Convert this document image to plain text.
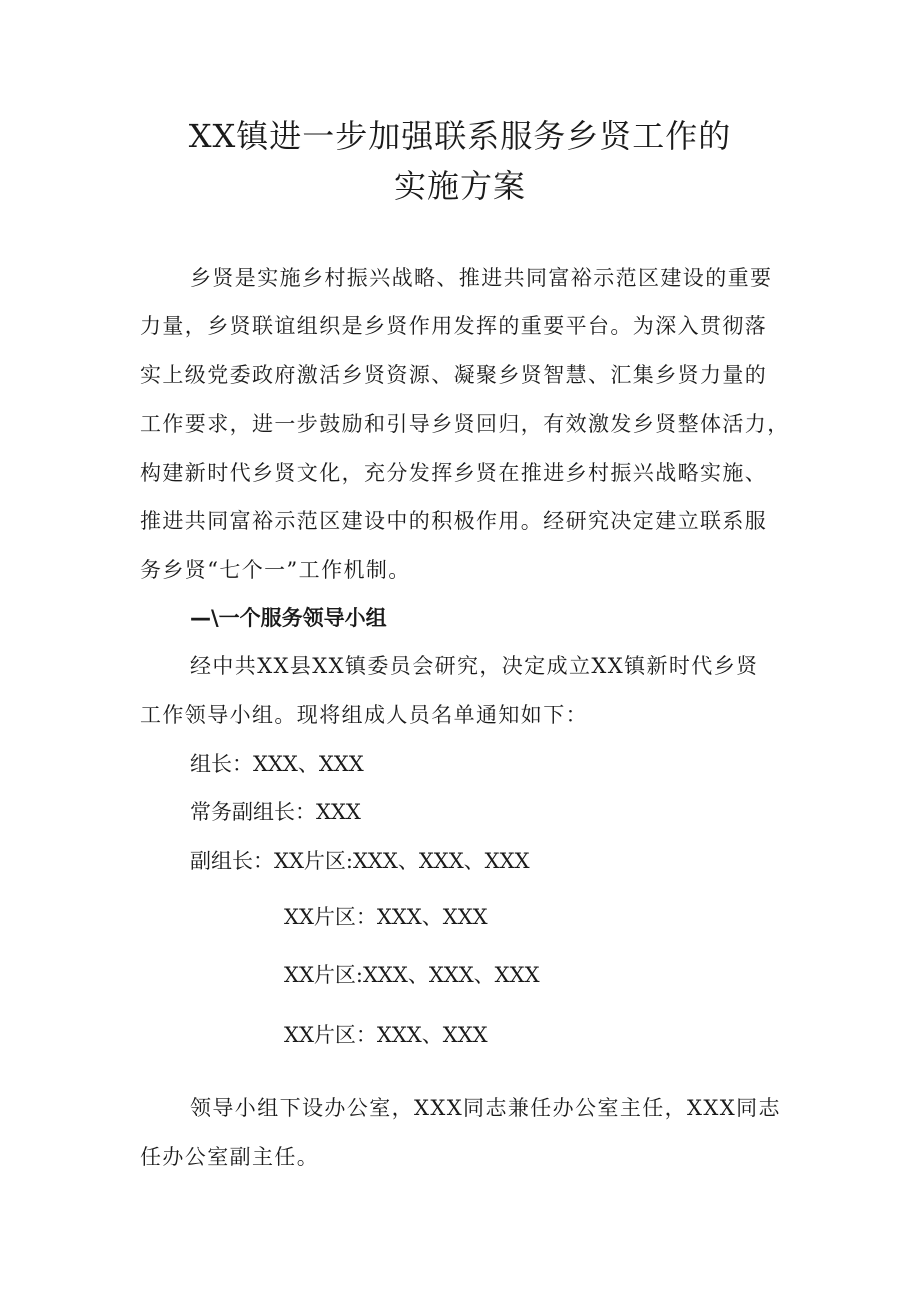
XX镇进一步加强联系服务乡贤工作的
实施方案
乡贤是实施乡村振兴战略、推进共同富裕示范区建设的重要
力量，乡贤联谊组织是乡贤作用发挥的重要平台。为深入贯彻落
实上级党委政府激活乡贤资源、凝聚乡贤智慧、汇集乡贤力量的
工作要求，进一步鼓励和引导乡贤回归，有效激发乡贤整体活力，
构建新时代乡贤文化，充分发挥乡贤在推进乡村振兴战略实施、
推进共同富裕示范区建设中的积极作用。经研究决定建立联系服
务乡贤“七个一”工作机制。
—\一个服务领导小组
经中共XX县XX镇委员会研究，决定成立XX镇新时代乡贤
工作领导小组。现将组成人员名单通知如下：
组长：XXX、XXX
常务副组长：XXX
副组长：XX片区:XXX、XXX、XXX
XX片区：XXX、XXX
XX片区:XXX、XXX、XXX
XX片区：XXX、XXX
领导小组下设办公室，XXX同志兼任办公室主任，XXX同志
任办公室副主任。
